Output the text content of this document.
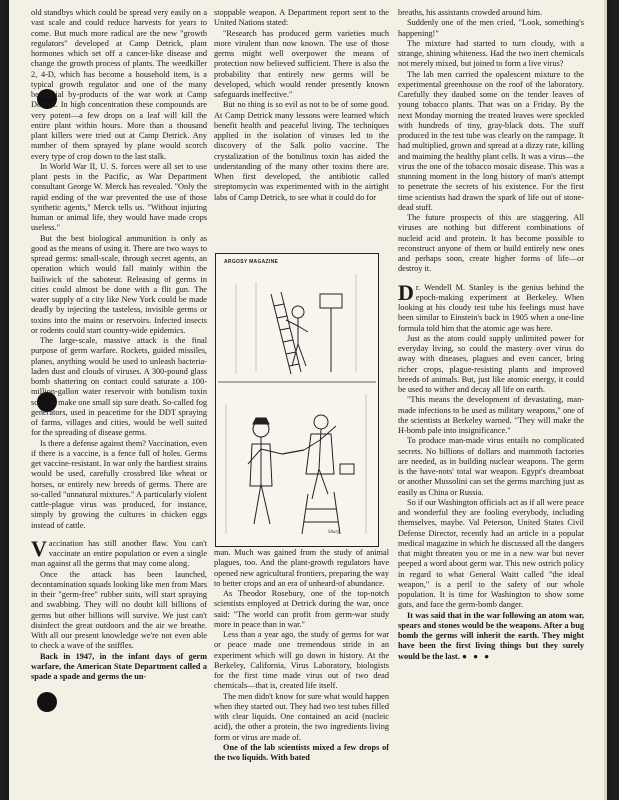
old standbys which could be spread very easily on a vast scale and could reduce harvests for years to come. But much more radical are the new "growth regulators" developed at Camp Detrick, plant hormones which set off a cancer-like disease and change the growth process of plants. The weedkiller 2, 4-D, which has become a household item, is a typical growth regulator and one of the many beneficial by-products of the war work at Camp Detrick. In high concentration these compounds are very potent—a few drops on a leaf will kill the entire plant within hours. More than a thousand plant killers were tried out at Camp Detrick. Any number of them sprayed by plane would scorch every type of crop down to the last stalk.

In World War II, U. S. forces were all set to use plant pests in the Pacific, as War Department consultant George W. Merck has revealed. "Only the rapid ending of the war prevented the use of those synthetic agents," Merck tells us. "Without injuring human or animal life, they would have made crops useless."

But the best biological ammunition is only as good as the means of using it. There are two ways to spread germs: small-scale, through secret agents, an operation which would fall mainly within the bailiwick of the saboteur. Releasing of germs in cities could almost be done with a flit gun. The water supply of a city like New York could be made deadly by injecting the tasteless, invisible germs or toxins into the mains or reservoirs. Infected insects or rodents could start country-wide epidemics.

The large-scale, massive attack is the final purpose of germ warfare. Rockets, guided missiles, planes, anything would be used to unleash bacteria-laden dust and clouds of viruses. A 300-pound glass bomb shattering on contact could saturate a 100-million-gallon water reservoir with botulism toxin so as to make one small sip sure death. So-called fog generators, used in peacetime for the DDT spraying of farms, villages and cities, would be well suited for the spreading of disease germs.

Is there a defense against them? Vaccination, even if there is a vaccine, is a fence full of holes. Germs get vaccine-resistant. In war only the hardiest strains would be used, carefully crossbred like wheat or horses, or entirely new breeds of germs. There are so-called "unnatural mixtures." A particularly violent cattle-plague virus was produced, for instance, simply by growing the cultures in chicken eggs instead of cattle.

Vaccination has still another flaw. You can't vaccinate an entire population or even a single man against all the germs that may come along.

Once the attack has been launched, decontamination squads looking like men from Mars in their "germ-free" rubber suits, will start spraying and swabbing. They will no doubt kill billions of germs but other billions will survive. We just can't disinfect the great outdoors and the air we breathe. With all our present knowledge we're not even able to check a wave of the sniffles.

Back in 1947, in the infant days of germ warfare, the American State Department called a spade a spade and germs the un-

stoppable weapon. A Department report sent to the United Nations stated:

"Research has produced germ varieties much more virulent than now known. The use of those germs might well overpower the means of protection now believed sufficient. There is also the probability that entirely new germs will be developed, which would render presently known safeguards ineffective."

But no thing is so evil as not to be of some good. At Camp Detrick many lessons were learned which benefit health and peaceful living. The techniques applied in the isolation of viruses led to the discovery of the Salk polio vaccine. The crystalization of the botulinus toxin has aided the understanding of the many other toxins there are. When first developed, the antibiotic called streptomycin was experimented with in the airtight labs of Camp Detrick, to see what it could do for

ARGOSY MAGAZINE
Sharp

man. Much was gained from the study of animal plagues, too. And the plant-growth regulators have opened new agricultural frontiers, preparing the way to better crops and an era of unheard-of abundance.

As Theodor Rosebury, one of the top-notch scientists employed at Detrick during the war, once said: "The world can profit from germ-war study more in peace than in war."

Less than a year ago, the study of germs for war or peace made one tremendous stride in an experiment which will go down in history. At the Berkeley, California, Virus Laboratory, biologists for the first time made virus out of two dead chemicals—that is, created life itself.

The men didn't know for sure what would happen when they started out. They had two test tubes filled with clear liquids. One contained an acid (nucleic acid), the other a protein, the two ingredients living form or virus are made of.

One of the lab scientists mixed a few drops of the two liquids. With bated

breaths, his assistants crowded around him.

Suddenly one of the men cried, "Look, something's happening!"

The mixture had started to turn cloudy, with a strange, shining whiteness. Had the two inert chemicals not merely mixed, but joined to form a live virus?

The lab men carried the opalescent mixture to the experimental greenhouse on the roof of the laboratory. Carefully they daubed some on the tender leaves of young tobacco plants. That was on a Friday. By the next Monday morning the treated leaves were speckled with hundreds of tiny, gray-black dots. The stuff produced in the test tube was clearly on the rampage. It had multiplied, grown and spread at a dizzy rate, killing and maiming the healthy plant cells. It was a virus—the virus the one of the tobacco mosaic disease. This was a stunning moment in the long history of man's attempt to penetrate the secrets of his existence. For the first time scientists had drawn the spark of life out of stone-dead stuff.

The future prospects of this are staggering. All viruses are nothing but different combinations of nucleid acid and protein. It has become possible to reconstruct anyone of them or build entirely new ones and perhaps soon, create higher forms of life—or destroy it.

Dr. Wendell M. Stanley is the genius behind the epoch-making experiment at Berkeley. When looking at his cloudy test tube his feelings must have been similar to Einstein's back in 1905 when a one-line formula told him that the atomic age was here.

Just as the atom could supply unlimited power for everyday living, so could the mastery over virus do away with diseases, plagues and even cancer, bring richer crops, plague-resisting plants and improved breeds of animals. But, just like atomic energy, it could be used to wither and decay all life on earth.

"This means the development of devastating, man-made infections to be used as military weapons," one of the scientists at Berkeley warned. "They will make the H-bomb pale into insignificance."

To produce man-made virus entails no complicated secrets. No billions of dollars and mammoth factories are needed, as in building nuclear weapons. The germ is the have-nots' total war weapon. Egypt's dreamboat or another Mussolini can set the germs marching just as easily as China or Russia.

So if our Washington officials act as if all were peace and wonderful they are fooling everybody, including themselves, maybe. Val Peterson, United States Civil Defense Director, recently had an article in a popular medical magazine in which he discussed all the dangers that might threaten you or me in a new war but never peeped a word about germ war. This new ostrich policy in regard to what General Waitt called "the ideal weapon," is a peril to the safety of our whole population. It is time for Washington to show some guts, and face the germ-bomb danger.

It was said that in the war following an atom war, spears and stones would be the weapons. After a bug bomb the germs will inherit the earth. They might have been the first living things but they surely would be the last. ● ● ●
